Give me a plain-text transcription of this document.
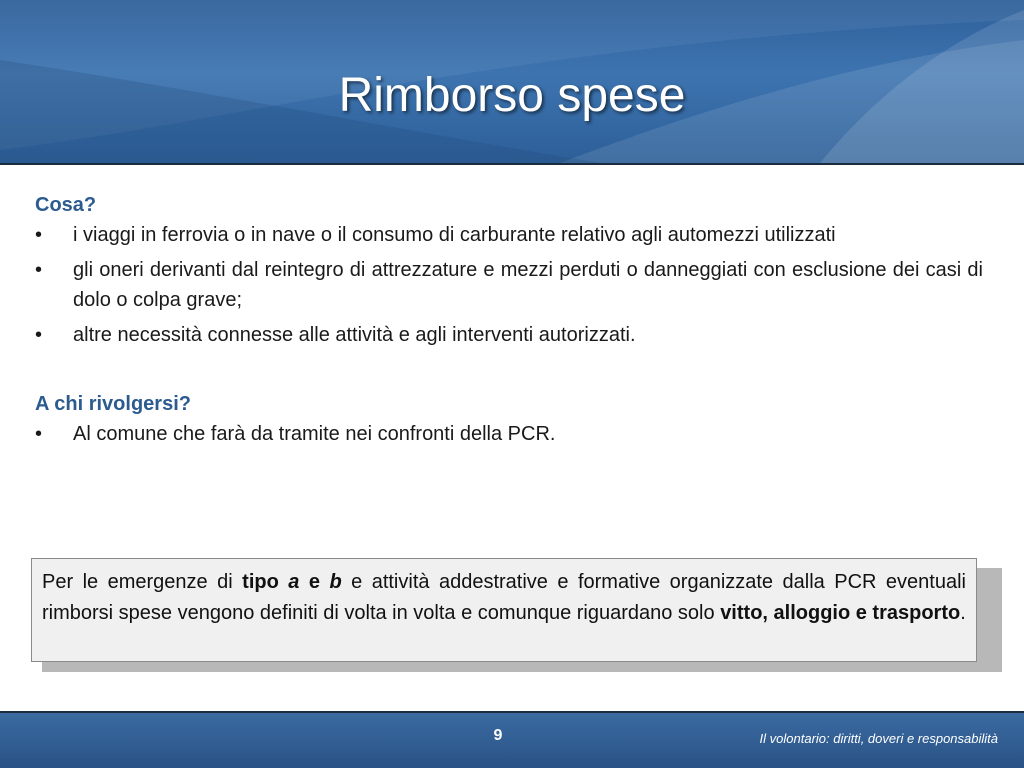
Rimborso spese

Cosa?

• i viaggi in ferrovia o in nave o il consumo di carburante relativo agli automezzi utilizzati
• gli oneri derivanti dal reintegro di attrezzature e mezzi perduti o danneggiati con esclusione dei casi di dolo o colpa grave;
• altre necessità connesse alle attività e agli interventi autorizzati.

A chi rivolgersi?

• Al comune che farà da tramite nei confronti della PCR.
Per le emergenze di tipo a e b e attività addestrative e formative organizzate dalla PCR eventuali rimborsi spese vengono definiti di volta in volta e comunque riguardano solo vitto, alloggio e trasporto.
9	Il volontario: diritti, doveri e responsabilità
